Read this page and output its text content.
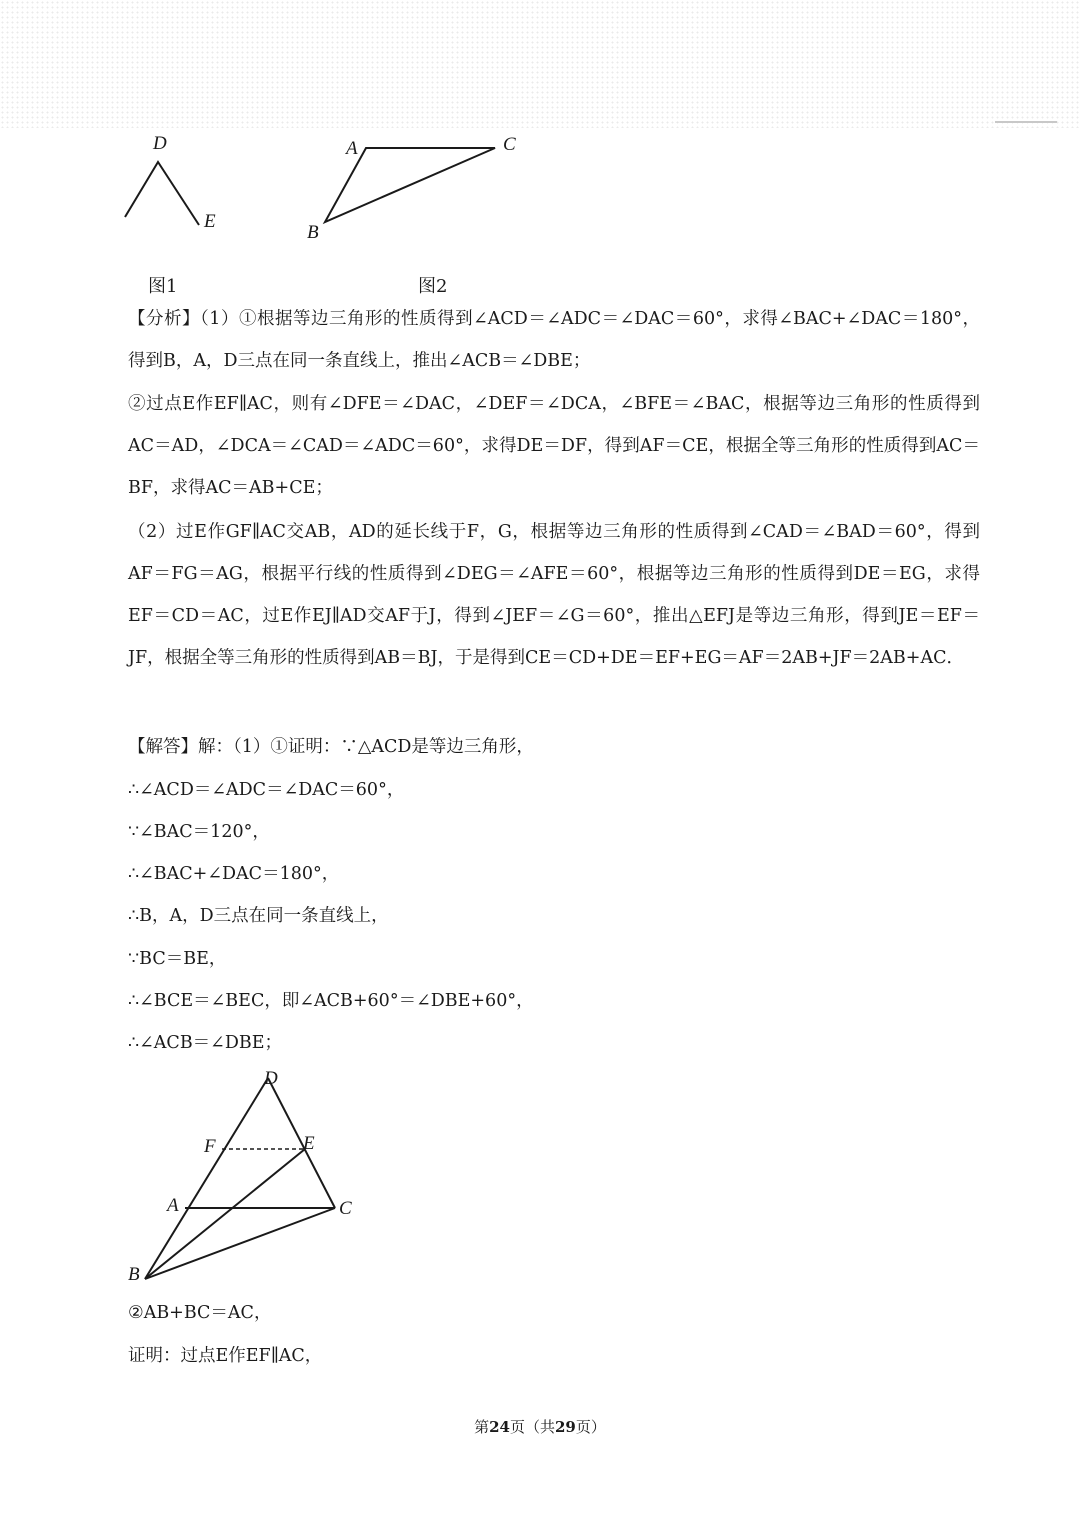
D
E
图1
A	C
B
图2
【分析】（1）①根据等边三角形的性质得到∠ACD＝∠ADC＝∠DAC＝60°，求得∠BAC+∠DAC＝180°，得到B，A，D三点在同一条直线上，推出∠ACB＝∠DBE；
②过点E作EF∥AC，则有∠DFE＝∠DAC，∠DEF＝∠DCA，∠BFE＝∠BAC，根据等边三角形的性质得到AC＝AD，∠DCA＝∠CAD＝∠ADC＝60°，求得DE＝DF，得到AF＝CE，根据全等三角形的性质得到AC＝BF，求得AC＝AB+CE；
（2）过E作GF∥AC交AB，AD的延长线于F，G，根据等边三角形的性质得到∠CAD＝∠BAD＝60°，得到AF＝FG＝AG，根据平行线的性质得到∠DEG＝∠AFE＝60°，根据等边三角形的性质得到DE＝EG，求得EF＝CD＝AC，过E作EJ∥AD交AF于J，得到∠JEF＝∠G＝60°，推出△EFJ是等边三角形，得到JE＝EF＝JF，根据全等三角形的性质得到AB＝BJ，于是得到CE＝CD+DE＝EF+EG＝AF＝2AB+JF＝2AB+AC．
【解答】解：（1）①证明：∵△ACD是等边三角形，
∴∠ACD＝∠ADC＝∠DAC＝60°，
∵∠BAC＝120°，
∴∠BAC+∠DAC＝180°，
∴B，A，D三点在同一条直线上，
∵BC＝BE，
∴∠BCE＝∠BEC，即∠ACB+60°＝∠DBE+60°，
∴∠ACB＝∠DBE；
D
F	E
A	C
B
②AB+BC＝AC，
证明：过点E作EF∥AC，
第24页（共29页）
